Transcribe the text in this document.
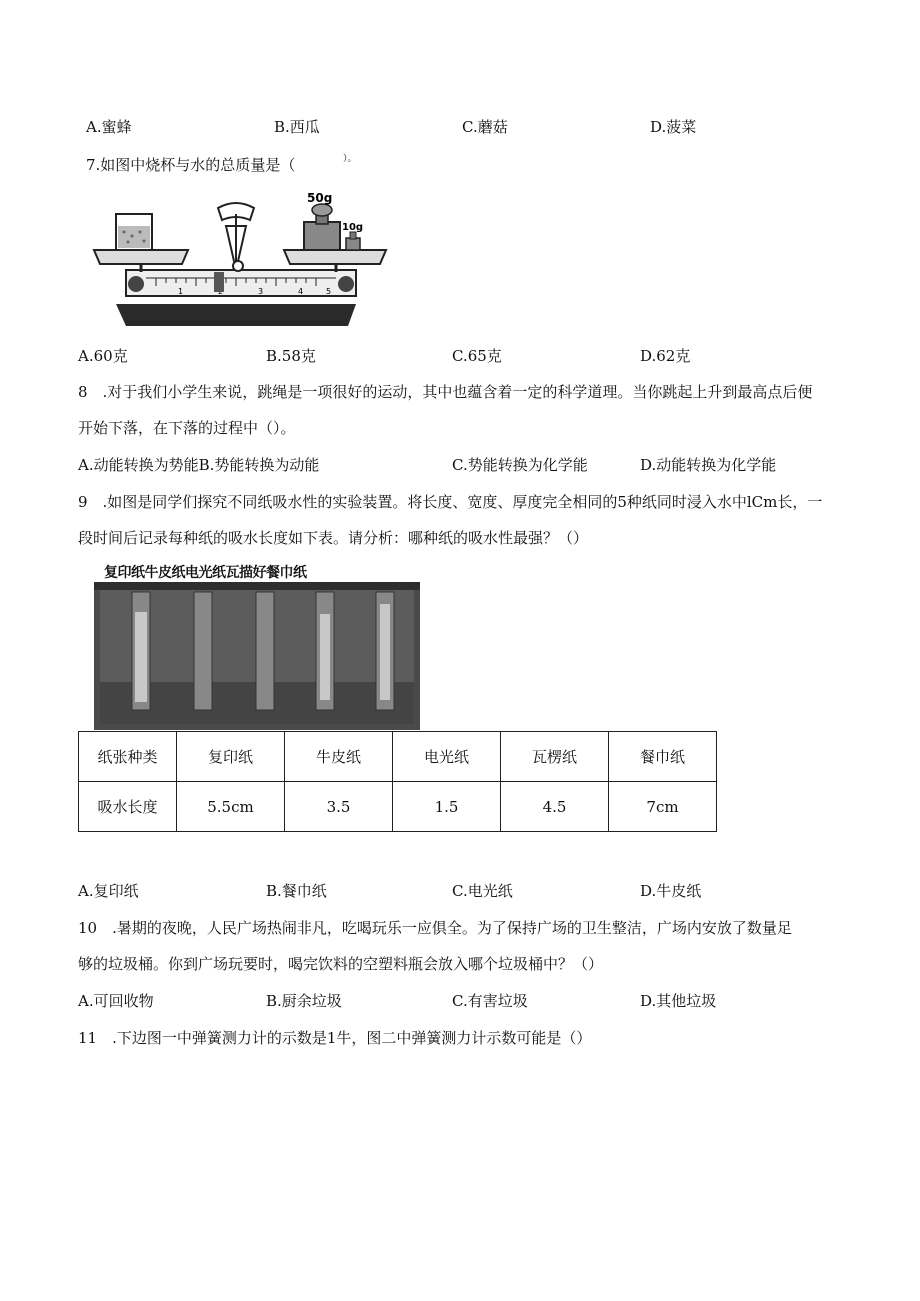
A.蜜蜂	B.西瓜	C.蘑菇	D.菠菜
7.如图中烧杯与水的总质量是（	）。
1	3	4	5
50g
10g
A.60克	B.58克	C.65克	D.62克
8　.对于我们小学生来说，跳绳是一项很好的运动，其中也蕴含着一定的科学道理。当你跳起上升到最高点后便
开始下落，在下落的过程中（）。
A.动能转换为势能B.势能转换为动能	C.势能转换为化学能	D.动能转换为化学能
9　.如图是同学们探究不同纸吸水性的实验装置。将长度、宽度、厚度完全相同的5种纸同时浸入水中lCm长，一
段时间后记录每种纸的吸水长度如下表。请分析：哪种纸的吸水性最强？（）
复印纸牛皮纸电光纸瓦描好餐巾纸
纸张种类	复印纸	牛皮纸	电光纸	瓦楞纸	餐巾纸
吸水长度	5.5cm	3.5	1.5	4.5	7cm
A.复印纸	B.餐巾纸	C.电光纸	D.牛皮纸
10　.暑期的夜晚，人民广场热闹非凡，吃喝玩乐一应俱全。为了保持广场的卫生整洁，广场内安放了数量足
够的垃圾桶。你到广场玩要时，喝完饮料的空塑料瓶会放入哪个垃圾桶中？（）
A.可回收物	B.厨余垃圾	C.有害垃圾	D.其他垃圾
11　.下边图一中弹簧测力计的示数是1牛，图二中弹簧测力计示数可能是（）
